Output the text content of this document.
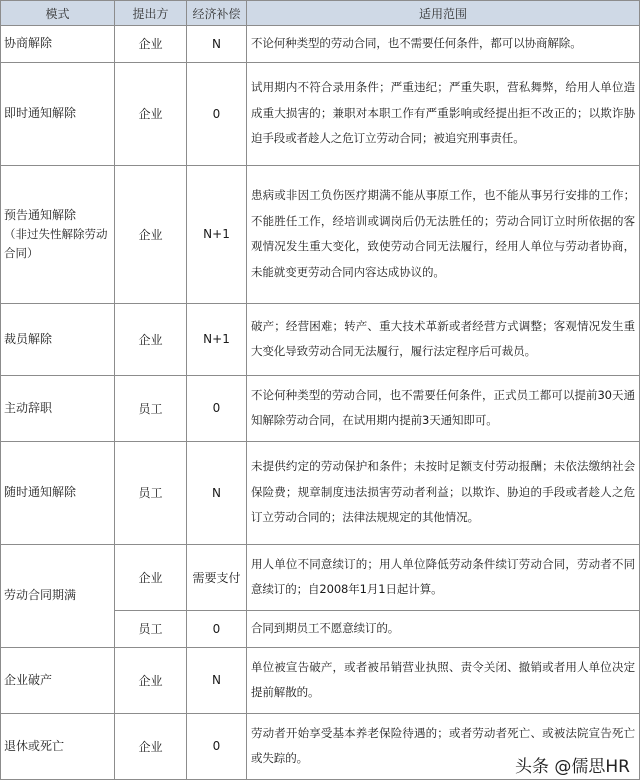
模式	提出方	经济补偿	适用范围
协商解除	企业	N	不论何种类型的劳动合同，也不需要任何条件，都可以协商解除。
即时通知解除	企业	0	试用期内不符合录用条件；严重违纪；严重失职，营私舞弊，给用人单位造成重大损害的；兼职对本职工作有严重影响或经提出拒不改正的；以欺诈胁迫手段或者趁人之危订立劳动合同；被追究刑事责任。

预告通知解除
（非过失性解除劳动合同）	企业	N+1	患病或非因工负伤医疗期满不能从事原工作，也不能从事另行安排的工作；不能胜任工作，经培训或调岗后仍无法胜任的；劳动合同订立时所依据的客观情况发生重大变化，致使劳动合同无法履行，经用人单位与劳动者协商，未能就变更劳动合同内容达成协议的。
裁员解除	企业	N+1	破产；经营困难；转产、重大技术革新或者经营方式调整；客观情况发生重大变化导致劳动合同无法履行，履行法定程序后可裁员。
主动辞职	员工	0	不论何种类型的劳动合同，也不需要任何条件，正式员工都可以提前30天通知解除劳动合同，在试用期内提前3天通知即可。
随时通知解除	员工	N	未提供约定的劳动保护和条件；未按时足额支付劳动报酬；未依法缴纳社会保险费；规章制度违法损害劳动者利益；以欺诈、胁迫的手段或者趁人之危订立劳动合同的；法律法规规定的其他情况。
劳动合同期满	企业	需要支付	用人单位不同意续订的；用人单位降低劳动条件续订劳动合同，劳动者不同意续订的；自2008年1月1日起计算。
	员工	0	合同到期员工不愿意续订的。
企业破产	企业	N	单位被宣告破产，或者被吊销营业执照、责令关闭、撤销或者用人单位决定提前解散的。
退休或死亡	企业	0	劳动者开始享受基本养老保险待遇的；或者劳动者死亡、或被法院宣告死亡或失踪的。	头条 @儒思HR
